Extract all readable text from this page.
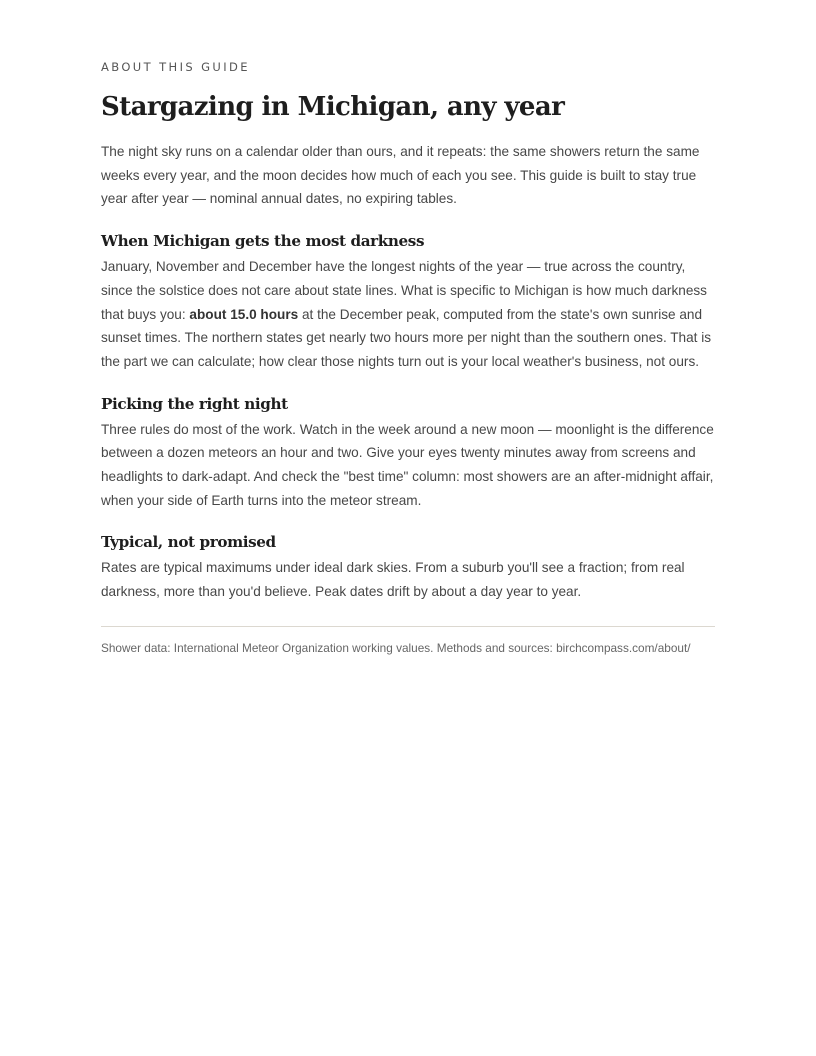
ABOUT THIS GUIDE

Stargazing in Michigan, any year

The night sky runs on a calendar older than ours, and it repeats: the same showers return the same weeks every year, and the moon decides how much of each you see. This guide is built to stay true year after year — nominal annual dates, no expiring tables.

When Michigan gets the most darkness

January, November and December have the longest nights of the year — true across the country, since the solstice does not care about state lines. What is specific to Michigan is how much darkness that buys you: about 15.0 hours at the December peak, computed from the state's own sunrise and sunset times. The northern states get nearly two hours more per night than the southern ones. That is the part we can calculate; how clear those nights turn out is your local weather's business, not ours.

Picking the right night

Three rules do most of the work. Watch in the week around a new moon — moonlight is the difference between a dozen meteors an hour and two. Give your eyes twenty minutes away from screens and headlights to dark-adapt. And check the "best time" column: most showers are an after-midnight affair, when your side of Earth turns into the meteor stream.

Typical, not promised

Rates are typical maximums under ideal dark skies. From a suburb you'll see a fraction; from real darkness, more than you'd believe. Peak dates drift by about a day year to year.

Shower data: International Meteor Organization working values. Methods and sources: birchcompass.com/about/
